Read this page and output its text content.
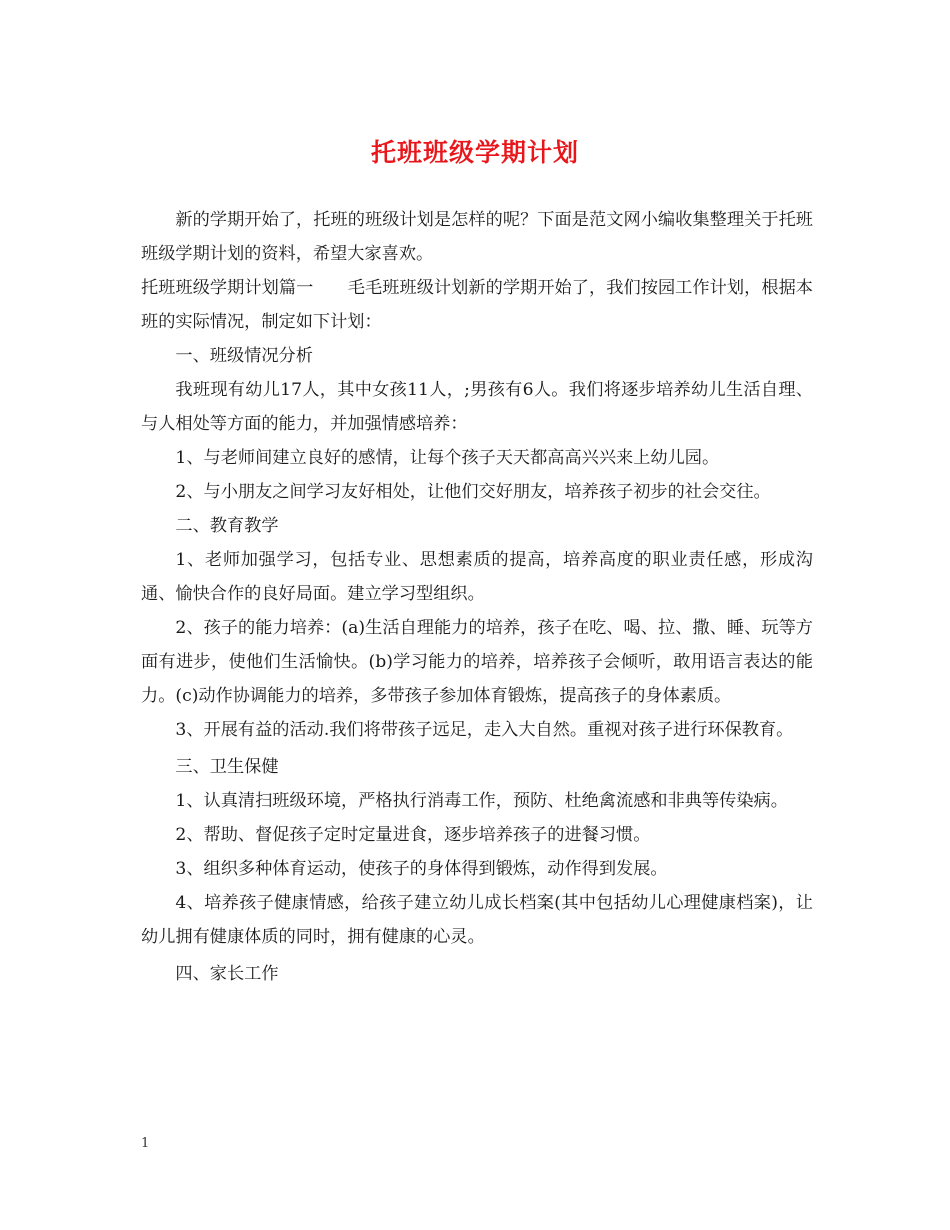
托班班级学期计划

新的学期开始了，托班的班级计划是怎样的呢？下面是范文网小编收集整理关于托班班级学期计划的资料，希望大家喜欢。

托班班级学期计划篇一　　毛毛班班级计划新的学期开始了，我们按园工作计划，根据本班的实际情况，制定如下计划：

一、班级情况分析

我班现有幼儿17人，其中女孩11人，;男孩有6人。我们将逐步培养幼儿生活自理、与人相处等方面的能力，并加强情感培养：

1、与老师间建立良好的感情，让每个孩子天天都高高兴兴来上幼儿园。

2、与小朋友之间学习友好相处，让他们交好朋友，培养孩子初步的社会交往。

二、教育教学

1、老师加强学习，包括专业、思想素质的提高，培养高度的职业责任感，形成沟通、愉快合作的良好局面。建立学习型组织。

2、孩子的能力培养：(a)生活自理能力的培养，孩子在吃、喝、拉、撒、睡、玩等方面有进步，使他们生活愉快。(b)学习能力的培养，培养孩子会倾听，敢用语言表达的能力。(c)动作协调能力的培养，多带孩子参加体育锻炼，提高孩子的身体素质。

3、开展有益的活动.我们将带孩子远足，走入大自然。重视对孩子进行环保教育。

三、卫生保健

1、认真清扫班级环境，严格执行消毒工作，预防、杜绝禽流感和非典等传染病。

2、帮助、督促孩子定时定量进食，逐步培养孩子的进餐习惯。

3、组织多种体育运动，使孩子的身体得到锻炼，动作得到发展。

4、培养孩子健康情感，给孩子建立幼儿成长档案(其中包括幼儿心理健康档案)，让幼儿拥有健康体质的同时，拥有健康的心灵。

四、家长工作

1
